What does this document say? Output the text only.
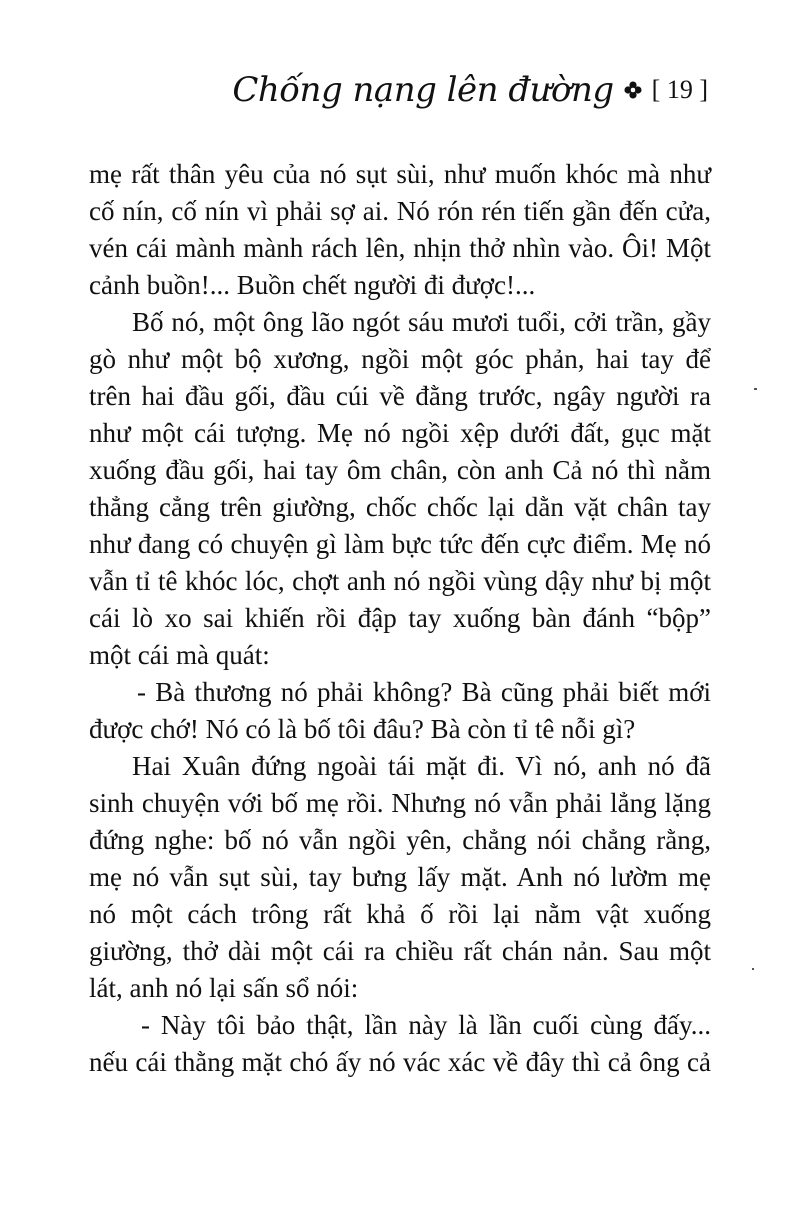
Chống nạng lên đường [ 19 ]
mẹ rất thân yêu của nó sụt sùi, như muốn khóc mà như
cố nín, cố nín vì phải sợ ai. Nó rón rén tiến gần đến cửa,
vén cái mành mành rách lên, nhịn thở nhìn vào. Ôi! Một
cảnh buồn!... Buồn chết người đi được!...
Bố nó, một ông lão ngót sáu mươi tuổi, cởi trần, gầy
gò như một bộ xương, ngồi một góc phản, hai tay để
trên hai đầu gối, đầu cúi về đằng trước, ngây người ra
như một cái tượng. Mẹ nó ngồi xệp dưới đất, gục mặt
xuống đầu gối, hai tay ôm chân, còn anh Cả nó thì nằm
thẳng cẳng trên giường, chốc chốc lại dằn vặt chân tay
như đang có chuyện gì làm bực tức đến cực điểm. Mẹ nó
vẫn tỉ tê khóc lóc, chợt anh nó ngồi vùng dậy như bị một
cái lò xo sai khiến rồi đập tay xuống bàn đánh “bộp”
một cái mà quát:
- Bà thương nó phải không? Bà cũng phải biết mới
được chớ! Nó có là bố tôi đâu? Bà còn tỉ tê nỗi gì?
Hai Xuân đứng ngoài tái mặt đi. Vì nó, anh nó đã
sinh chuyện với bố mẹ rồi. Nhưng nó vẫn phải lẳng lặng
đứng nghe: bố nó vẫn ngồi yên, chẳng nói chẳng rằng,
mẹ nó vẫn sụt sùi, tay bưng lấy mặt. Anh nó lườm mẹ
nó một cách trông rất khả ố rồi lại nằm vật xuống
giường, thở dài một cái ra chiều rất chán nản. Sau một
lát, anh nó lại sấn sổ nói:
- Này tôi bảo thật, lần này là lần cuối cùng đấy...
nếu cái thằng mặt chó ấy nó vác xác về đây thì cả ông cả
